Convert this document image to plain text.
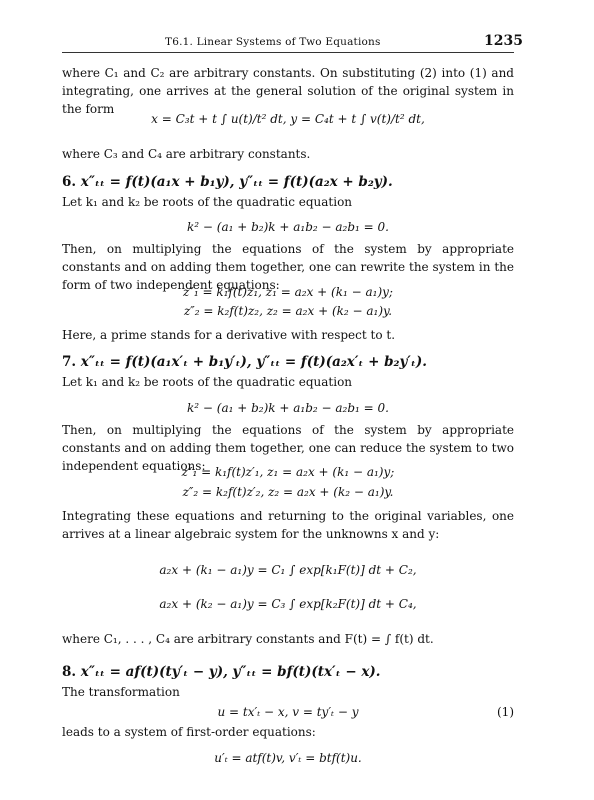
T6.1. Linear Systems of Two Equations	1235
where C₁ and C₂ are arbitrary constants. On substituting (2) into (1) and integrating, one arrives at the general solution of the original system in the form
x = C₃t + t ∫ u(t)/t² dt, y = C₄t + t ∫ v(t)/t² dt,
where C₃ and C₄ are arbitrary constants.
6. x″ₜₜ = f(t)(a₁x + b₁y), y″ₜₜ = f(t)(a₂x + b₂y).
Let k₁ and k₂ be roots of the quadratic equation
k² − (a₁ + b₂)k + a₁b₂ − a₂b₁ = 0.
Then, on multiplying the equations of the system by appropriate constants and on adding them together, one can rewrite the system in the form of two independent equations:
z″₁ = k₁f(t)z₁, z₁ = a₂x + (k₁ − a₁)y;
z″₂ = k₂f(t)z₂, z₂ = a₂x + (k₂ − a₁)y.
Here, a prime stands for a derivative with respect to t.
7. x″ₜₜ = f(t)(a₁x′ₜ + b₁y′ₜ), y″ₜₜ = f(t)(a₂x′ₜ + b₂y′ₜ).
Let k₁ and k₂ be roots of the quadratic equation
k² − (a₁ + b₂)k + a₁b₂ − a₂b₁ = 0.
Then, on multiplying the equations of the system by appropriate constants and on adding them together, one can reduce the system to two independent equations:
z″₁ = k₁f(t)z′₁, z₁ = a₂x + (k₁ − a₁)y;
z″₂ = k₂f(t)z′₂, z₂ = a₂x + (k₂ − a₁)y.
Integrating these equations and returning to the original variables, one arrives at a linear algebraic system for the unknowns x and y:
a₂x + (k₁ − a₁)y = C₁ ∫ exp[k₁F(t)] dt + C₂,
a₂x + (k₂ − a₁)y = C₃ ∫ exp[k₂F(t)] dt + C₄,
where C₁, . . . , C₄ are arbitrary constants and F(t) = ∫ f(t) dt.
8. x″ₜₜ = af(t)(ty′ₜ − y), y″ₜₜ = bf(t)(tx′ₜ − x).
The transformation
u = tx′ₜ − x, v = ty′ₜ − y	(1)
leads to a system of first-order equations:
u′ₜ = atf(t)v, v′ₜ = btf(t)u.
